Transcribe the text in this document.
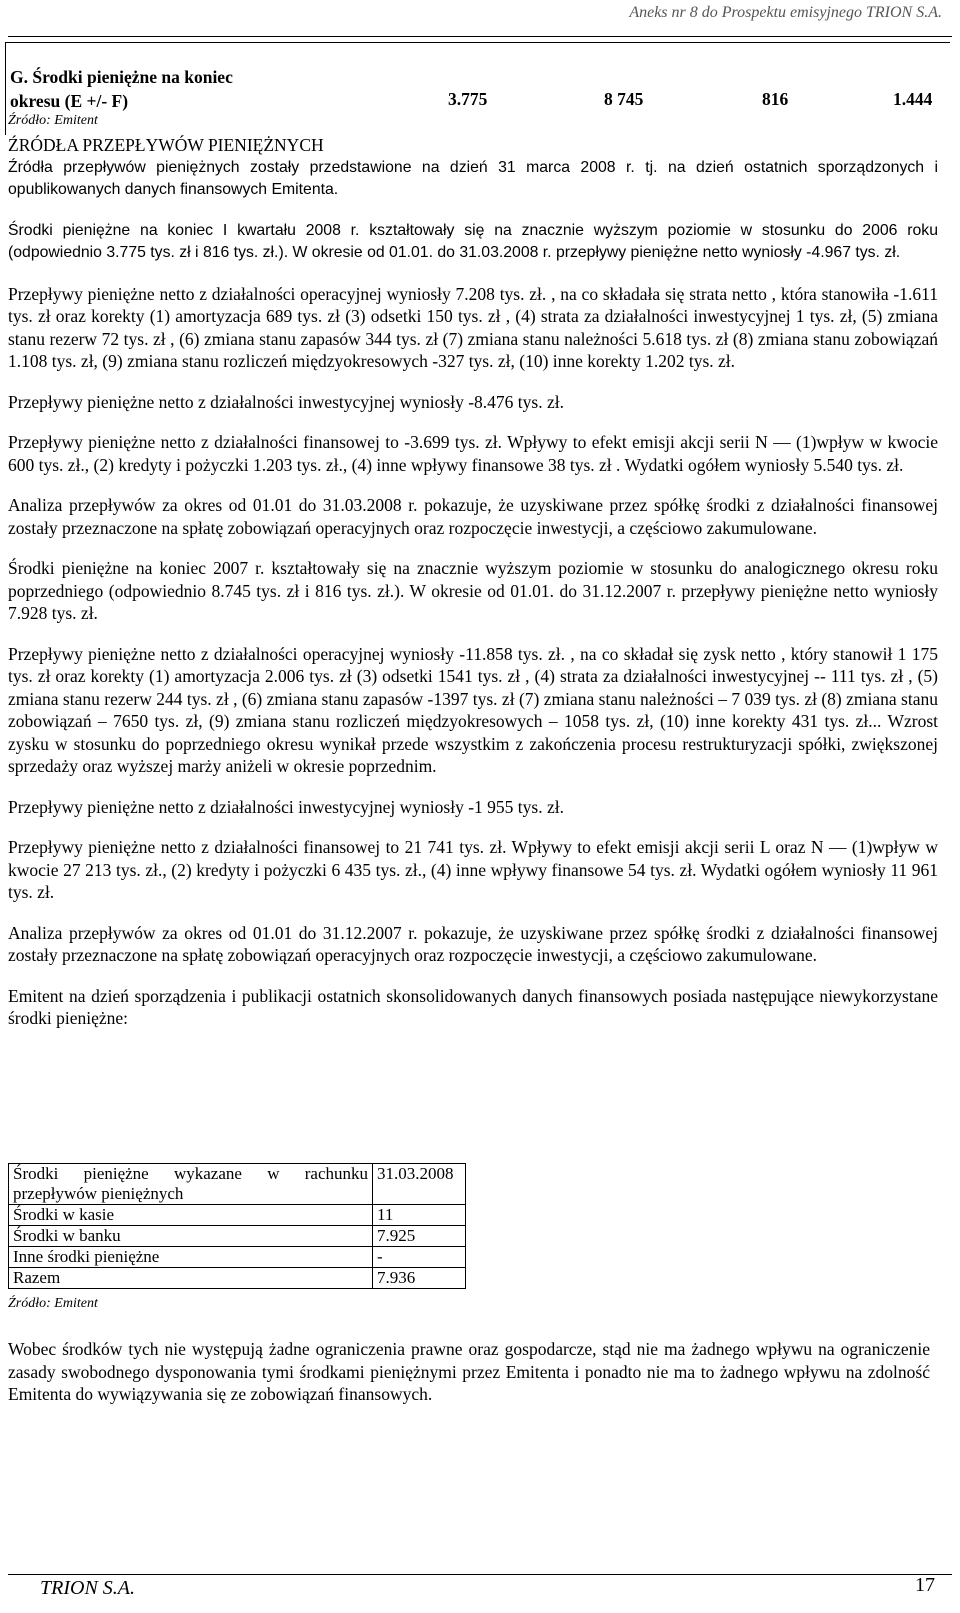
Aneks nr 8 do Prospektu emisyjnego TRION S.A.
G. Środki pieniężne na koniec okresu (E +/- F)	3.775	8 745	816	1.444
Źródło: Emitent
ŹRÓDŁA PRZEPŁYWÓW PIENIĘŻNYCH

Źródła przepływów pieniężnych zostały przedstawione na dzień 31 marca 2008 r. tj. na dzień ostatnich sporządzonych i opublikowanych danych finansowych Emitenta.

Środki pieniężne na koniec I kwartału 2008 r. kształtowały się na znacznie wyższym poziomie w stosunku do 2006 roku (odpowiednio 3.775 tys. zł i 816 tys. zł.). W okresie od 01.01. do 31.03.2008 r. przepływy pieniężne netto wyniosły -4.967 tys. zł.

Przepływy pieniężne netto z działalności operacyjnej wyniosły 7.208 tys. zł. , na co składała się strata netto , która stanowiła -1.611 tys. zł oraz korekty (1) amortyzacja 689 tys. zł (3) odsetki 150 tys. zł , (4) strata za działalności inwestycyjnej 1 tys. zł, (5) zmiana stanu rezerw 72 tys. zł , (6) zmiana stanu zapasów 344 tys. zł (7) zmiana stanu należności 5.618 tys. zł (8) zmiana stanu zobowiązań 1.108 tys. zł, (9) zmiana stanu rozliczeń międzyokresowych -327 tys. zł, (10) inne korekty 1.202 tys. zł.

Przepływy pieniężne netto z działalności inwestycyjnej wyniosły -8.476 tys. zł.

Przepływy pieniężne netto z działalności finansowej to -3.699 tys. zł. Wpływy to efekt emisji akcji serii N — (1)wpływ w kwocie 600 tys. zł., (2) kredyty i pożyczki 1.203 tys. zł., (4) inne wpływy finansowe 38 tys. zł . Wydatki ogółem wyniosły 5.540 tys. zł.

Analiza przepływów za okres od 01.01 do 31.03.2008 r. pokazuje, że uzyskiwane przez spółkę środki z działalności finansowej zostały przeznaczone na spłatę zobowiązań operacyjnych oraz rozpoczęcie inwestycji, a częściowo zakumulowane.

Środki pieniężne na koniec 2007 r. kształtowały się na znacznie wyższym poziomie w stosunku do analogicznego okresu roku poprzedniego (odpowiednio 8.745 tys. zł i 816 tys. zł.). W okresie od 01.01. do 31.12.2007 r. przepływy pieniężne netto wyniosły 7.928 tys. zł.

Przepływy pieniężne netto z działalności operacyjnej wyniosły -11.858 tys. zł. , na co składał się zysk netto , który stanowił 1 175 tys. zł oraz korekty (1) amortyzacja 2.006 tys. zł (3) odsetki 1541 tys. zł , (4) strata za działalności inwestycyjnej -- 111 tys. zł , (5) zmiana stanu rezerw 244 tys. zł , (6) zmiana stanu zapasów -1397 tys. zł (7) zmiana stanu należności – 7 039 tys. zł (8) zmiana stanu zobowiązań – 7650 tys. zł, (9) zmiana stanu rozliczeń międzyokresowych – 1058 tys. zł, (10) inne korekty 431 tys. zł... Wzrost zysku w stosunku do poprzedniego okresu wynikał przede wszystkim z zakończenia procesu restrukturyzacji spółki, zwiększonej sprzedaży oraz wyższej marży aniżeli w okresie poprzednim.

Przepływy pieniężne netto z działalności inwestycyjnej wyniosły -1 955 tys. zł.

Przepływy pieniężne netto z działalności finansowej to 21 741 tys. zł. Wpływy to efekt emisji akcji serii L oraz N — (1)wpływ w kwocie 27 213 tys. zł., (2) kredyty i pożyczki 6 435 tys. zł., (4) inne wpływy finansowe 54 tys. zł. Wydatki ogółem wyniosły 11 961 tys. zł.

Analiza przepływów za okres od 01.01 do 31.12.2007 r. pokazuje, że uzyskiwane przez spółkę środki z działalności finansowej zostały przeznaczone na spłatę zobowiązań operacyjnych oraz rozpoczęcie inwestycji, a częściowo zakumulowane.

Emitent na dzień sporządzenia i publikacji ostatnich skonsolidowanych danych finansowych posiada następujące niewykorzystane środki pieniężne:

Środki pieniężne wykazane w rachunku przepływów pieniężnych	31.03.2008
Środki w kasie	11
Środki w banku	7.925
Inne środki pieniężne	-
Razem	7.936
Źródło: Emitent
Wobec środków tych nie występują żadne ograniczenia prawne oraz gospodarcze, stąd nie ma żadnego wpływu na ograniczenie zasady swobodnego dysponowania tymi środkami pieniężnymi przez Emitenta i ponadto nie ma to żadnego wpływu na zdolność Emitenta do wywiązywania się ze zobowiązań finansowych.
TRION S.A.	17
